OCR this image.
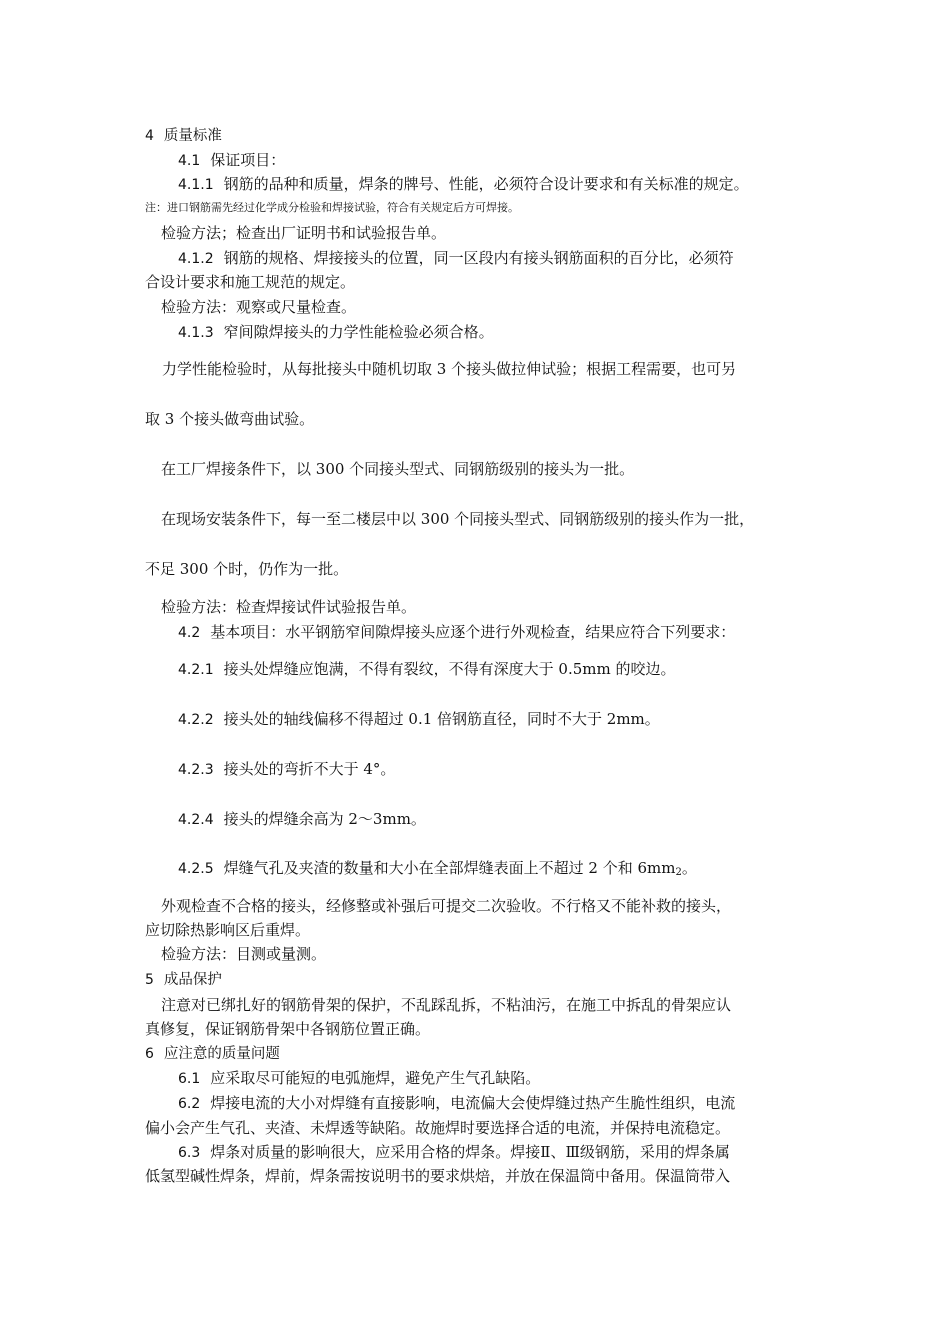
4 质量标准
4.1 保证项目：
4.1.1 钢筋的品种和质量，焊条的牌号、性能，必须符合设计要求和有关标准的规定。
注：进口钢筋需先经过化学成分检验和焊接试验，符合有关规定后方可焊接。
检验方法；检查出厂证明书和试验报告单。
4.1.2 钢筋的规格、焊接接头的位置，同一区段内有接头钢筋面积的百分比，必须符
合设计要求和施工规范的规定。
检验方法：观察或尺量检查。
4.1.3 窄间隙焊接头的力学性能检验必须合格。
力学性能检验时，从每批接头中随机切取 3 个接头做拉伸试验；根据工程需要，也可另
取 3 个接头做弯曲试验。
在工厂焊接条件下，以 300 个同接头型式、同钢筋级别的接头为一批。
在现场安装条件下，每一至二楼层中以 300 个同接头型式、同钢筋级别的接头作为一批，
不足 300 个时，仍作为一批。
检验方法：检查焊接试件试验报告单。
4.2 基本项目：水平钢筋窄间隙焊接头应逐个进行外观检查，结果应符合下列要求：
4.2.1 接头处焊缝应饱满，不得有裂纹，不得有深度大于 0.5mm 的咬边。
4.2.2 接头处的轴线偏移不得超过 0.1 倍钢筋直径，同时不大于 2mm。
4.2.3 接头处的弯折不大于 4°。
4.2.4 接头的焊缝余高为 2～3mm。
4.2.5 焊缝气孔及夹渣的数量和大小在全部焊缝表面上不超过 2 个和 $6mm_2$。
外观检查不合格的接头，经修整或补强后可提交二次验收。不行格又不能补救的接头，
应切除热影响区后重焊。
检验方法：目测或量测。
5 成品保护
注意对已绑扎好的钢筋骨架的保护，不乱踩乱拆，不粘油污，在施工中拆乱的骨架应认
真修复，保证钢筋骨架中各钢筋位置正确。
6 应注意的质量问题
6.1 应采取尽可能短的电弧施焊，避免产生气孔缺陷。
6.2 焊接电流的大小对焊缝有直接影响，电流偏大会使焊缝过热产生脆性组织，电流
偏小会产生气孔、夹渣、未焊透等缺陷。故施焊时要选择合适的电流，并保持电流稳定。
6.3 焊条对质量的影响很大，应采用合格的焊条。焊接Ⅱ、Ⅲ级钢筋，采用的焊条属
低氢型碱性焊条，焊前，焊条需按说明书的要求烘焙，并放在保温筒中备用。保温筒带入
